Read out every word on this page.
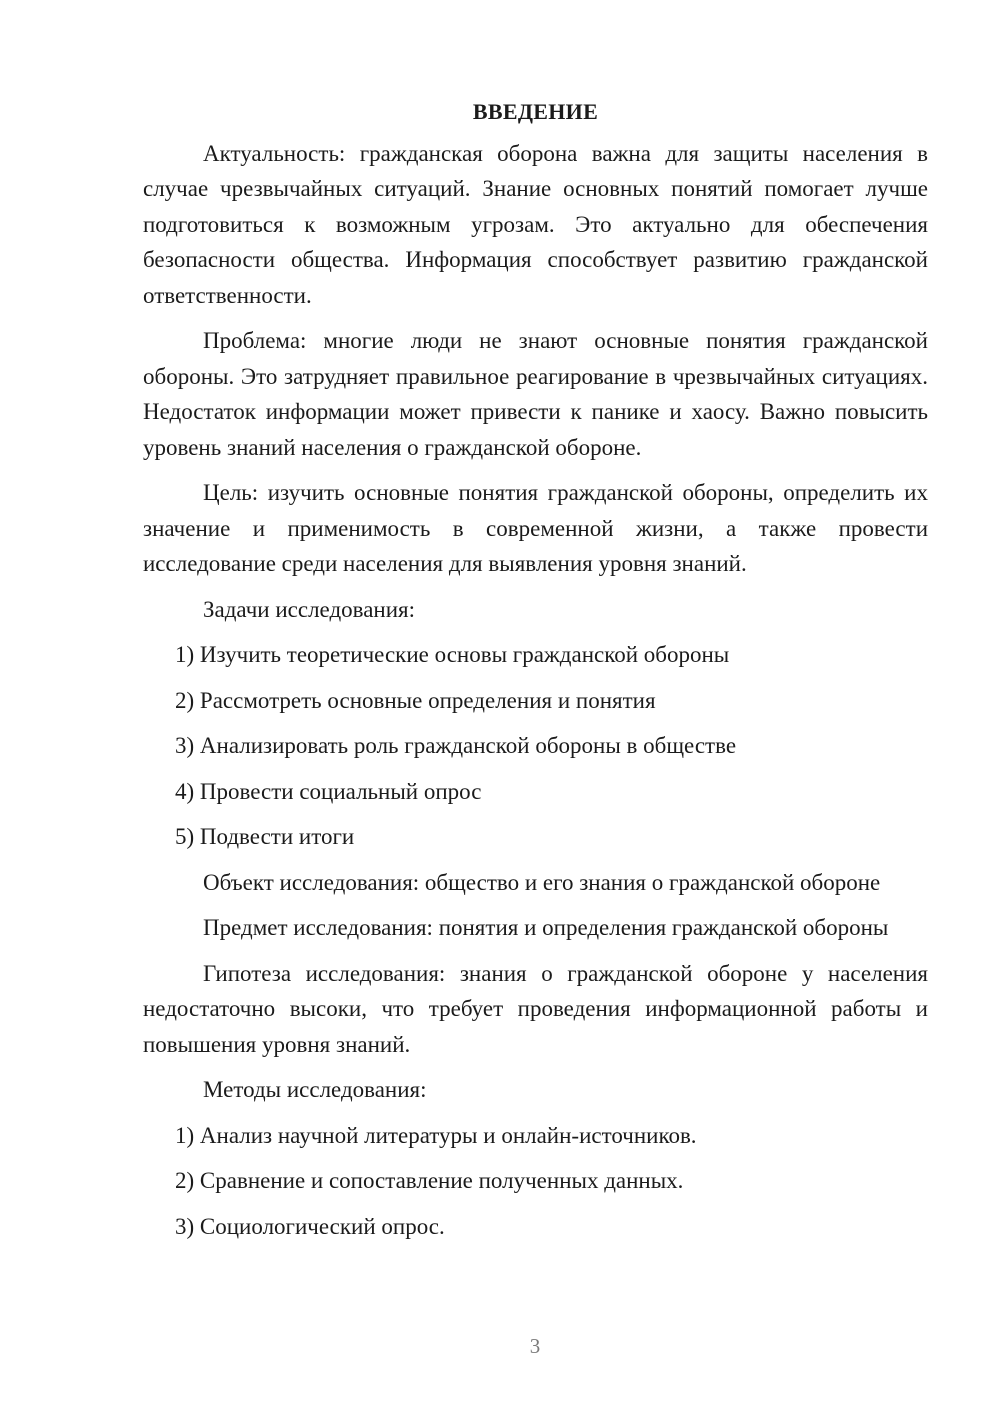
ВВЕДЕНИЕ

Актуальность: гражданская оборона важна для защиты населения в случае чрезвычайных ситуаций. Знание основных понятий помогает лучше подготовиться к возможным угрозам. Это актуально для обеспечения безопасности общества. Информация способствует развитию гражданской ответственности.

Проблема: многие люди не знают основные понятия гражданской обороны. Это затрудняет правильное реагирование в чрезвычайных ситуациях. Недостаток информации может привести к панике и хаосу. Важно повысить уровень знаний населения о гражданской обороне.

Цель: изучить основные понятия гражданской обороны, определить их значение и применимость в современной жизни, а также провести исследование среди населения для выявления уровня знаний.

Задачи исследования:

1) Изучить теоретические основы гражданской обороны
2) Рассмотреть основные определения и понятия
3) Анализировать роль гражданской обороны в обществе
4) Провести социальный опрос
5) Подвести итоги

Объект исследования: общество и его знания о гражданской обороне

Предмет исследования: понятия и определения гражданской обороны

Гипотеза исследования: знания о гражданской обороне у населения недостаточно высоки, что требует проведения информационной работы и повышения уровня знаний.

Методы исследования:

1) Анализ научной литературы и онлайн-источников.
2) Сравнение и сопоставление полученных данных.
3) Социологический опрос.
3
